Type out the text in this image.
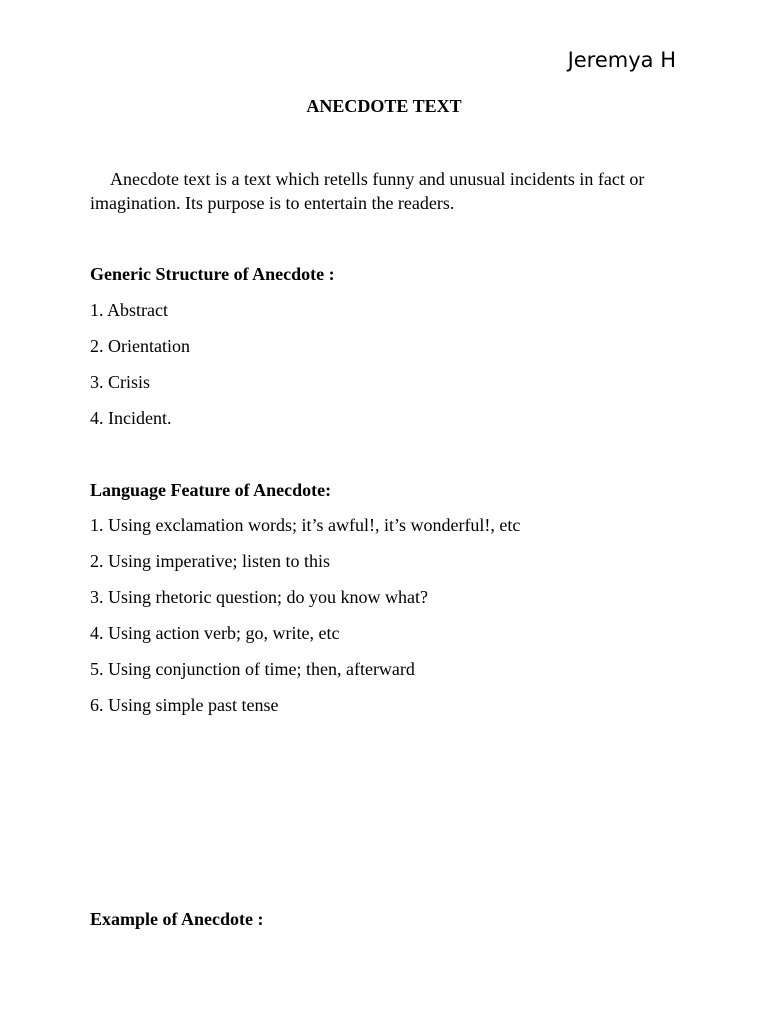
Jeremya H
ANECDOTE TEXT

Anecdote text is a text which retells funny and unusual incidents in fact or imagination. Its purpose is to entertain the readers.

Generic Structure of Anecdote :
1. Abstract
2. Orientation
3. Crisis
4. Incident.
Language Feature of Anecdote:
1. Using exclamation words; it’s awful!, it’s wonderful!, etc
2. Using imperative; listen to this
3. Using rhetoric question; do you know what?
4. Using action verb; go, write, etc
5. Using conjunction of time; then, afterward
6. Using simple past tense
Example of Anecdote :
